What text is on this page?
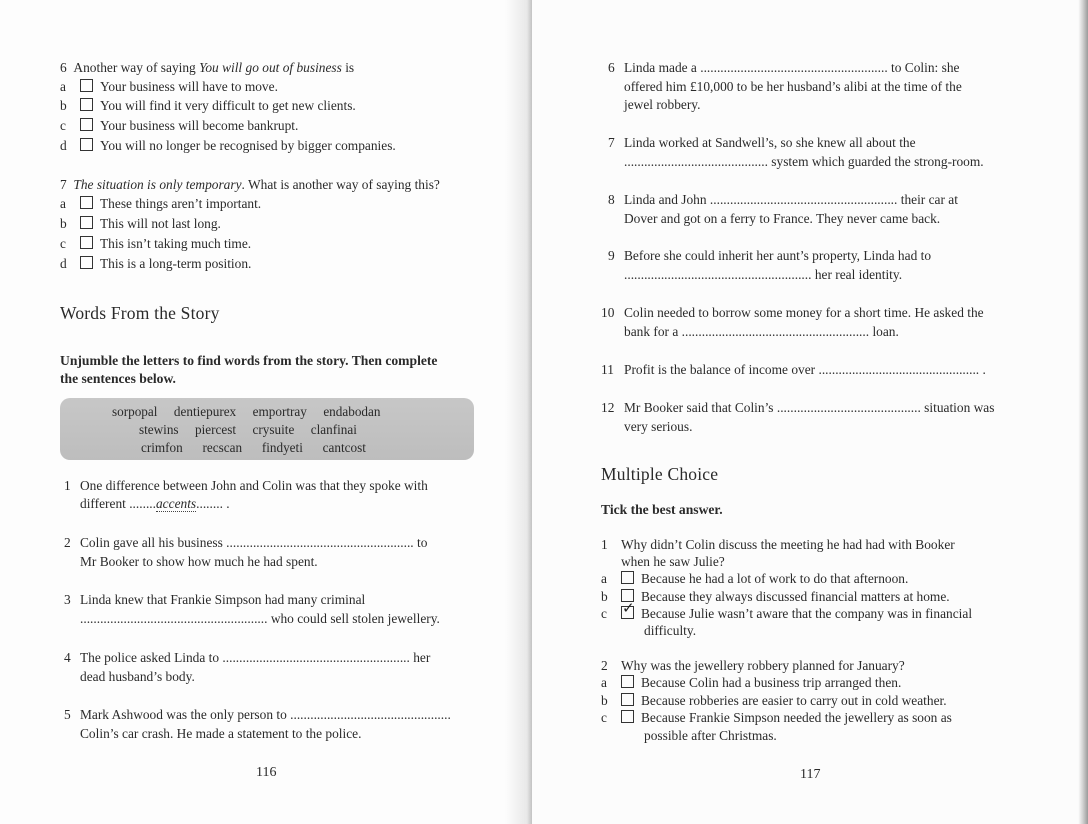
6 Another way of saying You will go out of business is
a	Your business will have to move.
b	You will find it very difficult to get new clients.
c	Your business will become bankrupt.
d	You will no longer be recognised by bigger companies.
7 The situation is only temporary. What is another way of saying this?
a	These things aren’t important.
b	This will not last long.
c	This isn’t taking much time.
d	This is a long-term position.
Words From the Story
Unjumble the letters to find words from the story. Then complete
the sentences below.
sorpopal dentiepurex emportray endabodan
stewins piercest crysuite clanfinai
crimfon recscan findyeti cantcost
1 One difference between John and Colin was that they spoke with
different ........accents........ .
2 Colin gave all his business ........................................................ to
Mr Booker to show how much he had spent.
3 Linda knew that Frankie Simpson had many criminal
........................................................ who could sell stolen jewellery.
4 The police asked Linda to ........................................................ her
dead husband’s body.
5 Mark Ashwood was the only person to ................................................
Colin’s car crash. He made a statement to the police.
116
6 Linda made a ........................................................ to Colin: she
offered him £10,000 to be her husband’s alibi at the time of the
jewel robbery.
7 Linda worked at Sandwell’s, so she knew all about the
........................................... system which guarded the strong-room.
8 Linda and John ........................................................ their car at
Dover and got on a ferry to France. They never came back.
9 Before she could inherit her aunt’s property, Linda had to
........................................................ her real identity.
10 Colin needed to borrow some money for a short time. He asked the
bank for a ........................................................ loan.
11 Profit is the balance of income over ................................................ .
12 Mr Booker said that Colin’s ........................................... situation was
very serious.
Multiple Choice
Tick the best answer.
1 Why didn’t Colin discuss the meeting he had had with Booker
when he saw Julie?
a	Because he had a lot of work to do that afternoon.
b	Because they always discussed financial matters at home.
c ✓ Because Julie wasn’t aware that the company was in financial
difficulty.
2 Why was the jewellery robbery planned for January?
a	Because Colin had a business trip arranged then.
b	Because robberies are easier to carry out in cold weather.
c	Because Frankie Simpson needed the jewellery as soon as
possible after Christmas.
117
